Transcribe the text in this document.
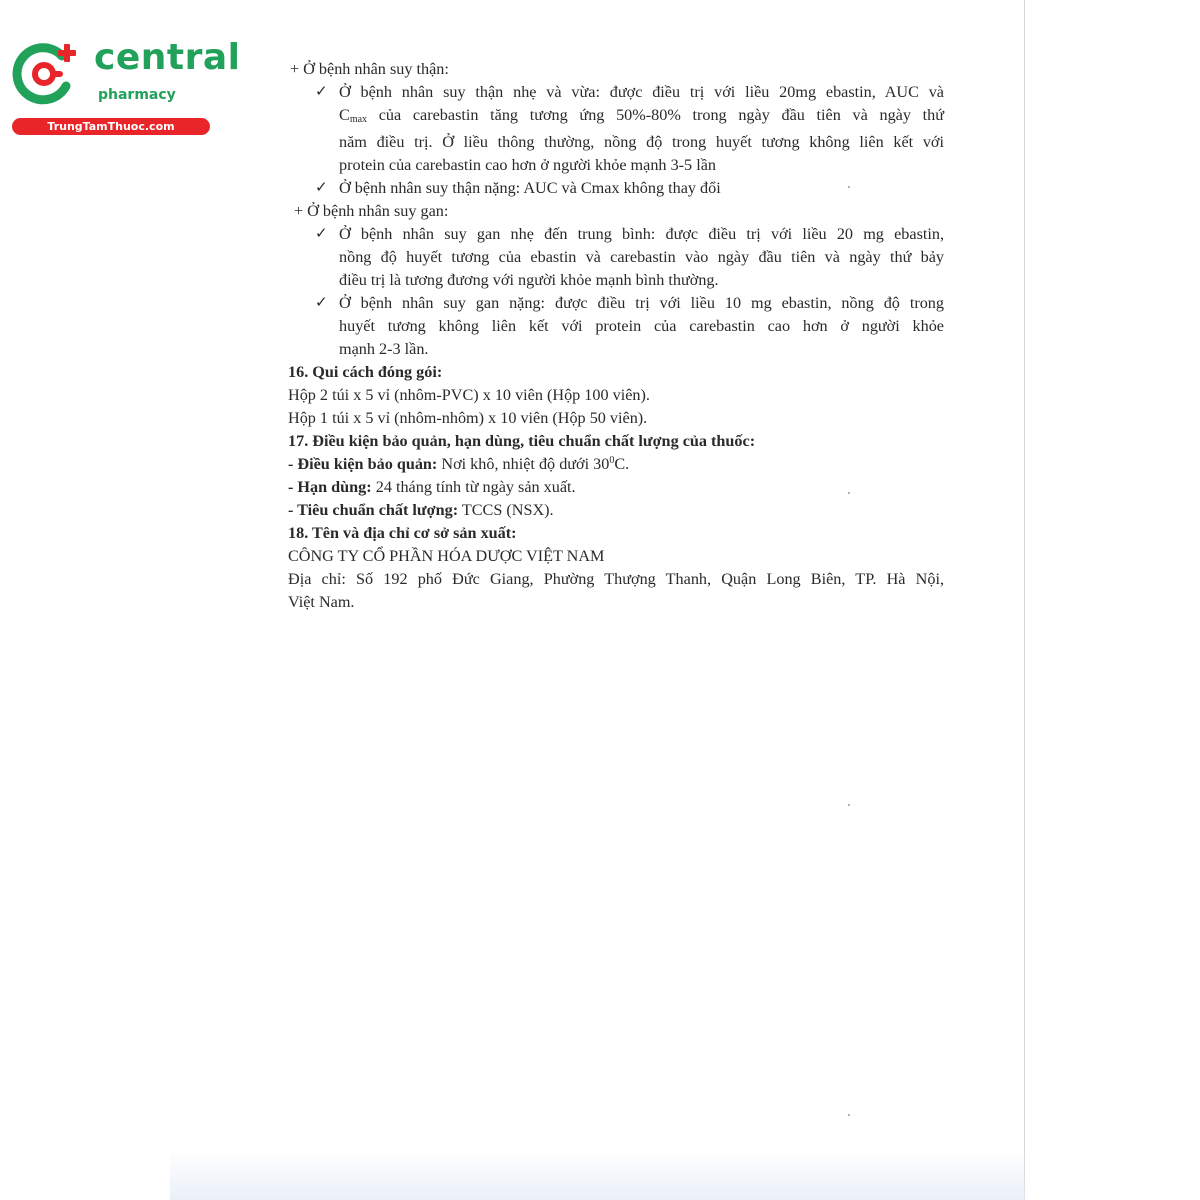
central
pharmacy
TrungTamThuoc.com
+ Ở bệnh nhân suy thận:
✓ Ở bệnh nhân suy thận nhẹ và vừa: được điều trị với liều 20mg ebastin, AUC và
$C_{max}$ của carebastin tăng tương ứng 50%-80% trong ngày đầu tiên và ngày thứ
năm điều trị. Ở liều thông thường, nồng độ trong huyết tương không liên kết với
protein của carebastin cao hơn ở người khỏe mạnh 3-5 lần
✓ Ở bệnh nhân suy thận nặng: AUC và Cmax không thay đổi
+ Ở bệnh nhân suy gan:
✓ Ở bệnh nhân suy gan nhẹ đến trung bình: được điều trị với liều 20 mg ebastin,
nồng độ huyết tương của ebastin và carebastin vào ngày đầu tiên và ngày thứ bảy
điều trị là tương đương với người khỏe mạnh bình thường.
✓ Ở bệnh nhân suy gan nặng: được điều trị với liều 10 mg ebastin, nồng độ trong
huyết tương không liên kết với protein của carebastin cao hơn ở người khỏe
mạnh 2-3 lần.
16. Qui cách đóng gói:
Hộp 2 túi x 5 vỉ (nhôm-PVC) x 10 viên (Hộp 100 viên).
Hộp 1 túi x 5 vỉ (nhôm-nhôm) x 10 viên (Hộp 50 viên).
17. Điều kiện bảo quản, hạn dùng, tiêu chuẩn chất lượng của thuốc:
- Điều kiện bảo quản: Nơi khô, nhiệt độ dưới $30^0C$.
- Hạn dùng: 24 tháng tính từ ngày sản xuất.
- Tiêu chuẩn chất lượng: TCCS (NSX).
18. Tên và địa chỉ cơ sở sản xuất:
CÔNG TY CỔ PHẦN HÓA DƯỢC VIỆT NAM
Địa chỉ: Số 192 phố Đức Giang, Phường Thượng Thanh, Quận Long Biên, TP. Hà Nội,
Việt Nam.
